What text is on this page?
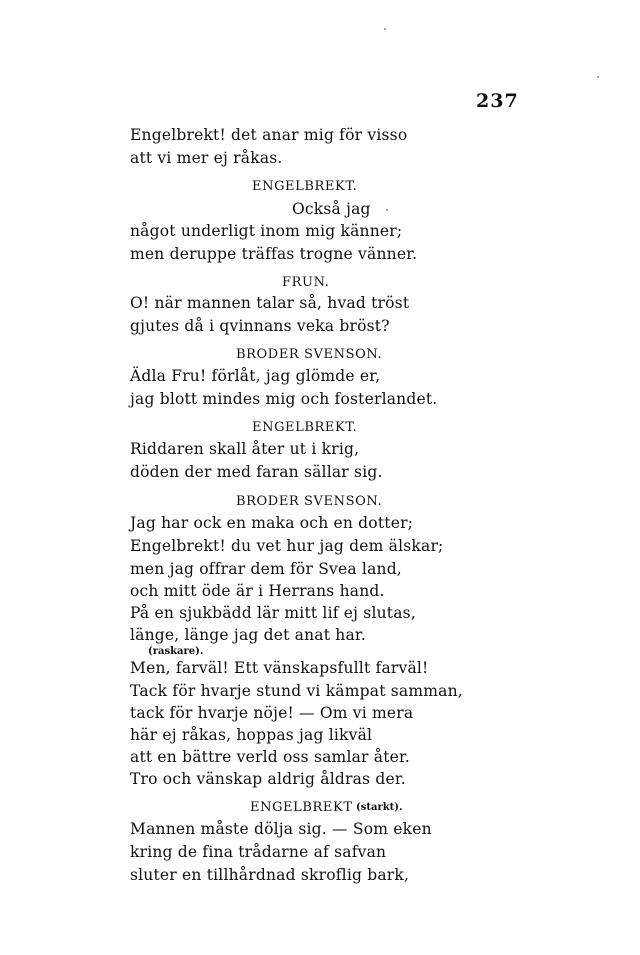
237
Engelbrekt! det anar mig för visso
att vi mer ej råkas.
ENGELBREKT.
Också jag
något underligt inom mig känner;
men deruppe träffas trogne vänner.
FRUN.
O! när mannen talar så, hvad tröst
gjutes då i qvinnans veka bröst?
BRODER SVENSON.
Ädla Fru! förlåt, jag glömde er,
jag blott mindes mig och fosterlandet.
ENGELBREKT.
Riddaren skall åter ut i krig,
döden der med faran sällar sig.
BRODER SVENSON.
Jag har ock en maka och en dotter;
Engelbrekt! du vet hur jag dem älskar;
men jag offrar dem för Svea land,
och mitt öde är i Herrans hand.
På en sjukbädd lär mitt lif ej slutas,
länge, länge jag det anat har.
(raskare).
Men, farväl! Ett vänskapsfullt farväl!
Tack för hvarje stund vi kämpat samman,
tack för hvarje nöje! — Om vi mera
här ej råkas, hoppas jag likväl
att en bättre verld oss samlar åter.
Tro och vänskap aldrig åldras der.
ENGELBREKT (starkt).
Mannen måste dölja sig. — Som eken
kring de fina trådarne af safvan
sluter en tillhårdnad skroflig bark,
